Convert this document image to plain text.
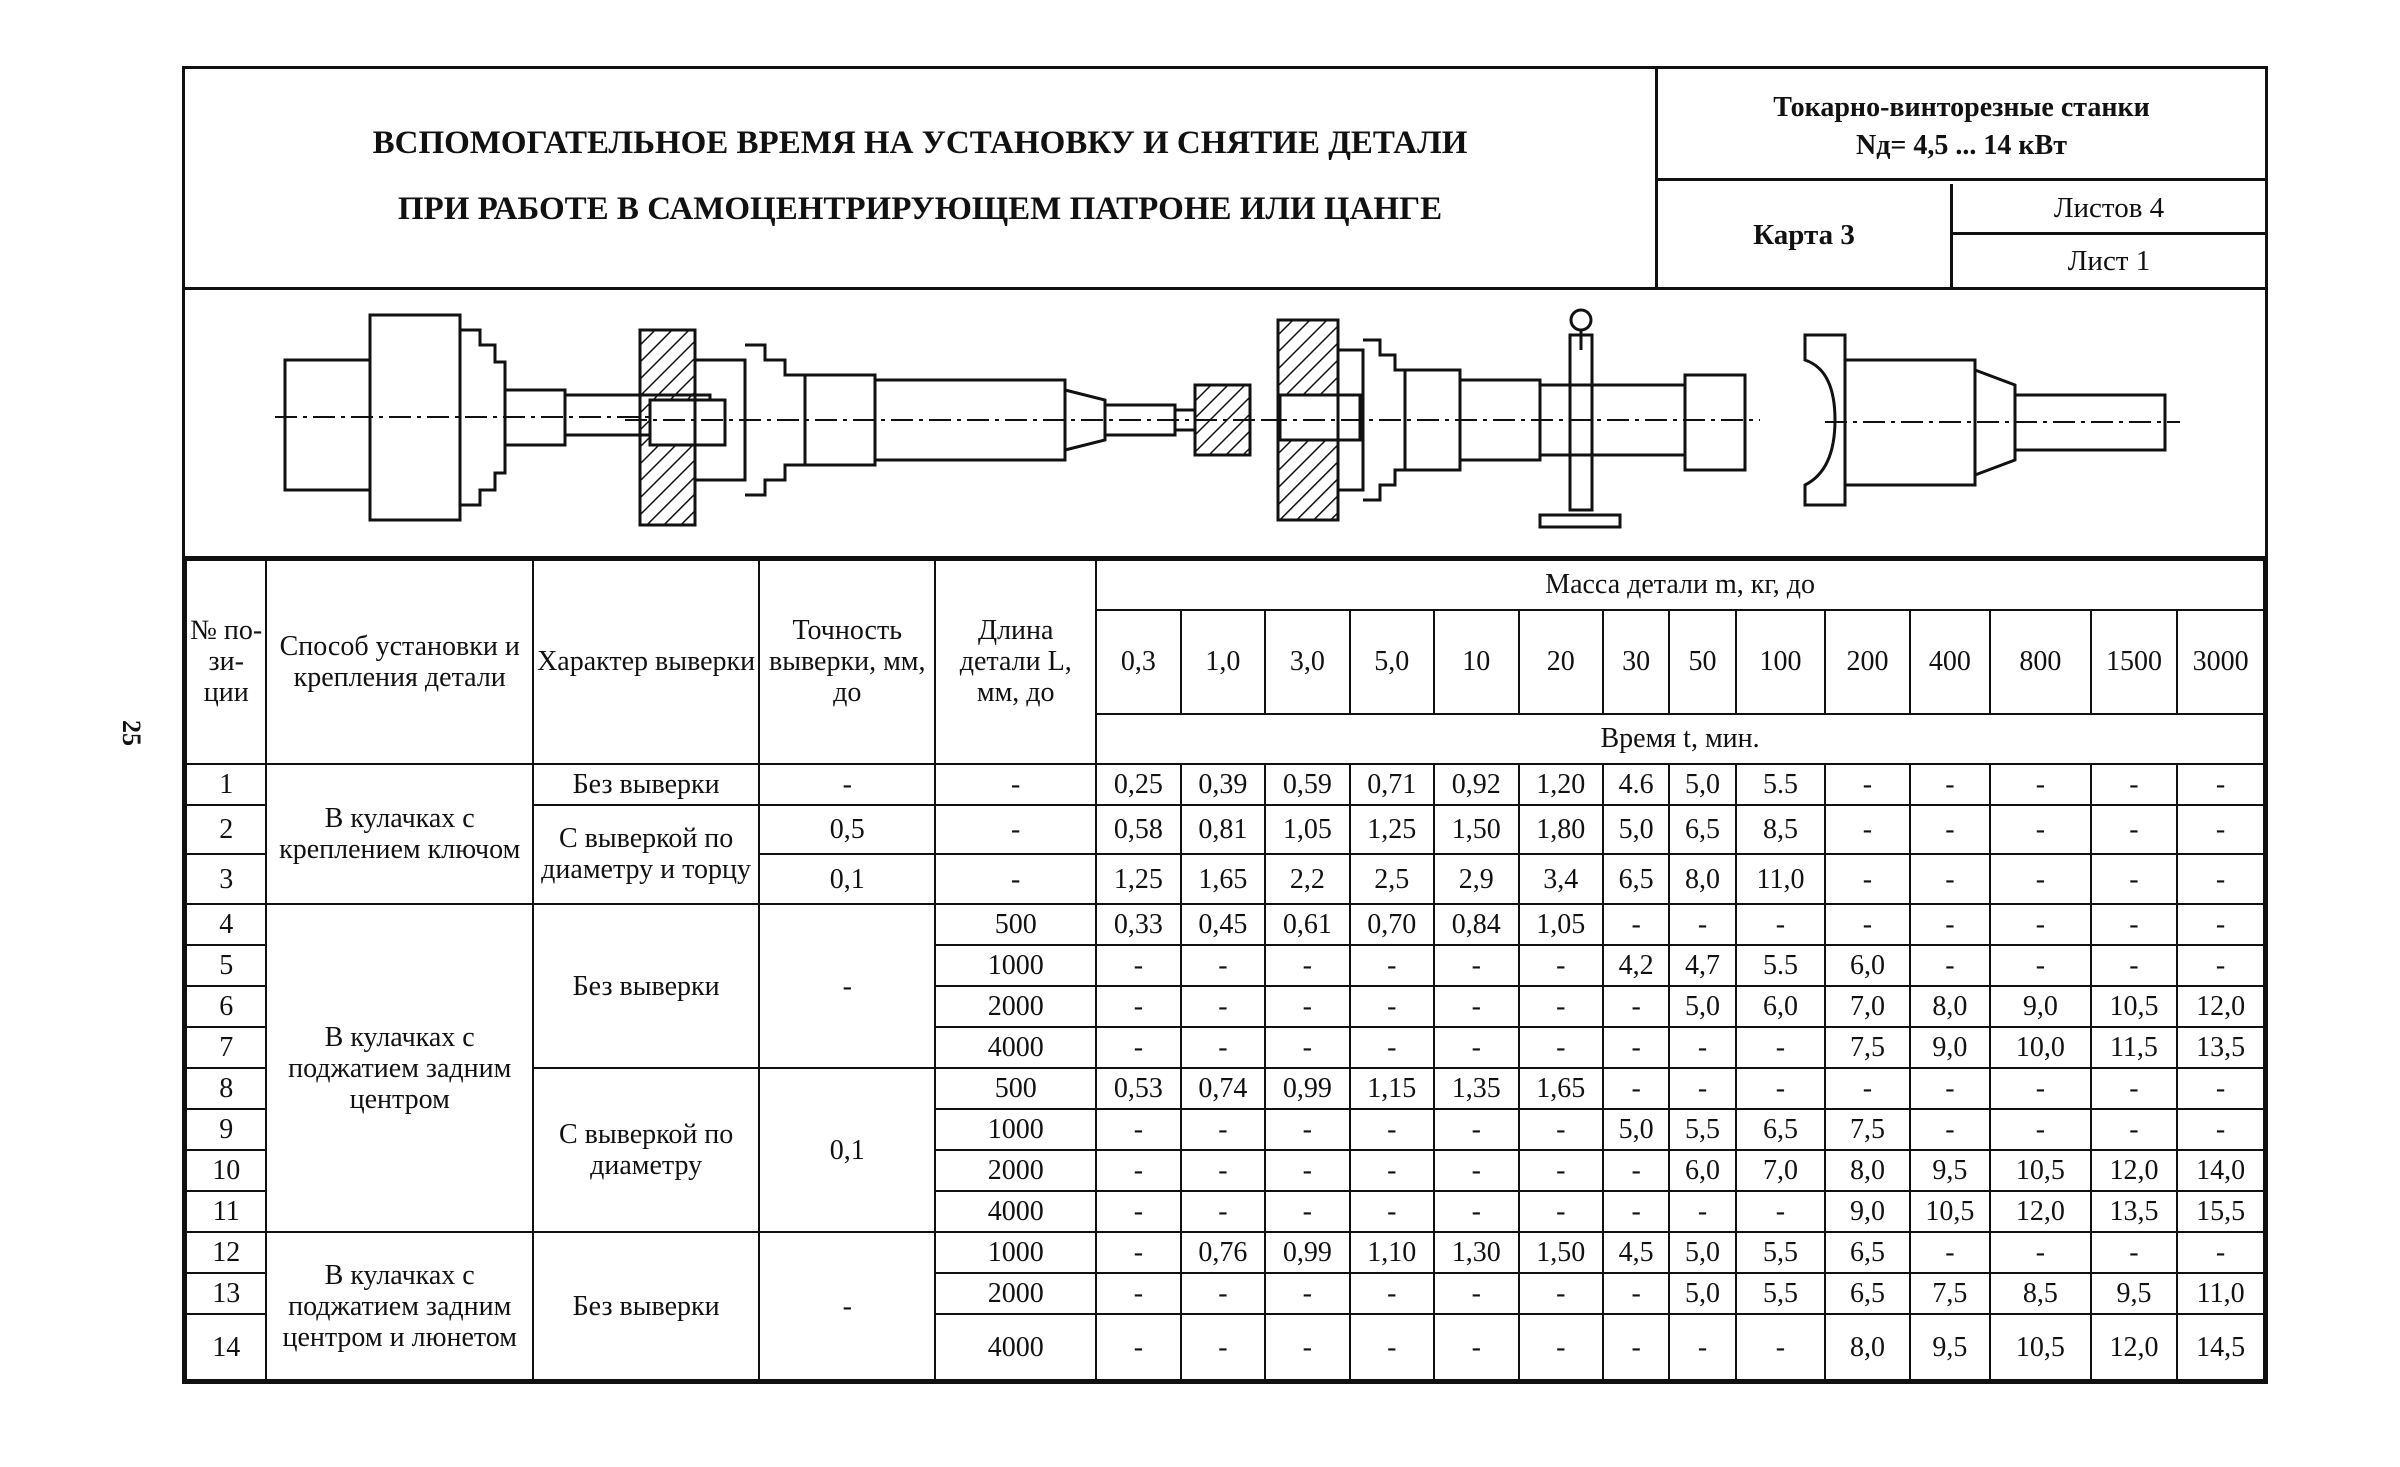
25
ВСПОМОГАТЕЛЬНОЕ ВРЕМЯ НА УСТАНОВКУ И СНЯТИЕ ДЕТАЛИ
ПРИ РАБОТЕ В САМОЦЕНТРИРУЮЩЕМ ПАТРОНЕ ИЛИ ЦАНГЕ
Токарно-винторезные станки
Nд= 4,5 ... 14 кВт
Карта 3
Листов 4
Лист 1
№ по-зи-ции	Способ установки и крепления детали	Характер выверки	Точность выверки, мм, до	Длина детали L, мм, до	Масса детали m, кг, до													
					0,3	1,0	3,0	5,0	10	20	30	50	100	200	400	800	1500	3000
					Время t, мин.													
1	В кулачках с креплением ключом	Без выверки	-	-	0,25	0,39	0,59	0,71	0,92	1,20	4.6	5,0	5.5	-	-	-	-	-
2		С выверкой по диаметру и торцу	0,5	-	0,58	0,81	1,05	1,25	1,50	1,80	5,0	6,5	8,5	-	-	-	-	-
3			0,1	-	1,25	1,65	2,2	2,5	2,9	3,4	6,5	8,0	11,0	-	-	-	-	-
4	В кулачках с поджатием задним центром	Без выверки	-	500	0,33	0,45	0,61	0,70	0,84	1,05	-	-	-	-	-	-	-	-
5				1000	-	-	-	-	-	-	4,2	4,7	5.5	6,0	-	-	-	-
6				2000	-	-	-	-	-	-	-	5,0	6,0	7,0	8,0	9,0	10,5	12,0
7				4000	-	-	-	-	-	-	-	-	-	7,5	9,0	10,0	11,5	13,5
8		С выверкой по диаметру	0,1	500	0,53	0,74	0,99	1,15	1,35	1,65	-	-	-	-	-	-	-	-
9				1000	-	-	-	-	-	-	5,0	5,5	6,5	7,5	-	-	-	-
10				2000	-	-	-	-	-	-	-	6,0	7,0	8,0	9,5	10,5	12,0	14,0
11				4000	-	-	-	-	-	-	-	-	-	9,0	10,5	12,0	13,5	15,5
12	В кулачках с поджатием задним центром и люнетом	Без выверки	-	1000	-	0,76	0,99	1,10	1,30	1,50	4,5	5,0	5,5	6,5	-	-	-	-
13				2000	-	-	-	-	-	-	-	5,0	5,5	6,5	7,5	8,5	9,5	11,0
14				4000	-	-	-	-	-	-	-	-	-	8,0	9,5	10,5	12,0	14,5
